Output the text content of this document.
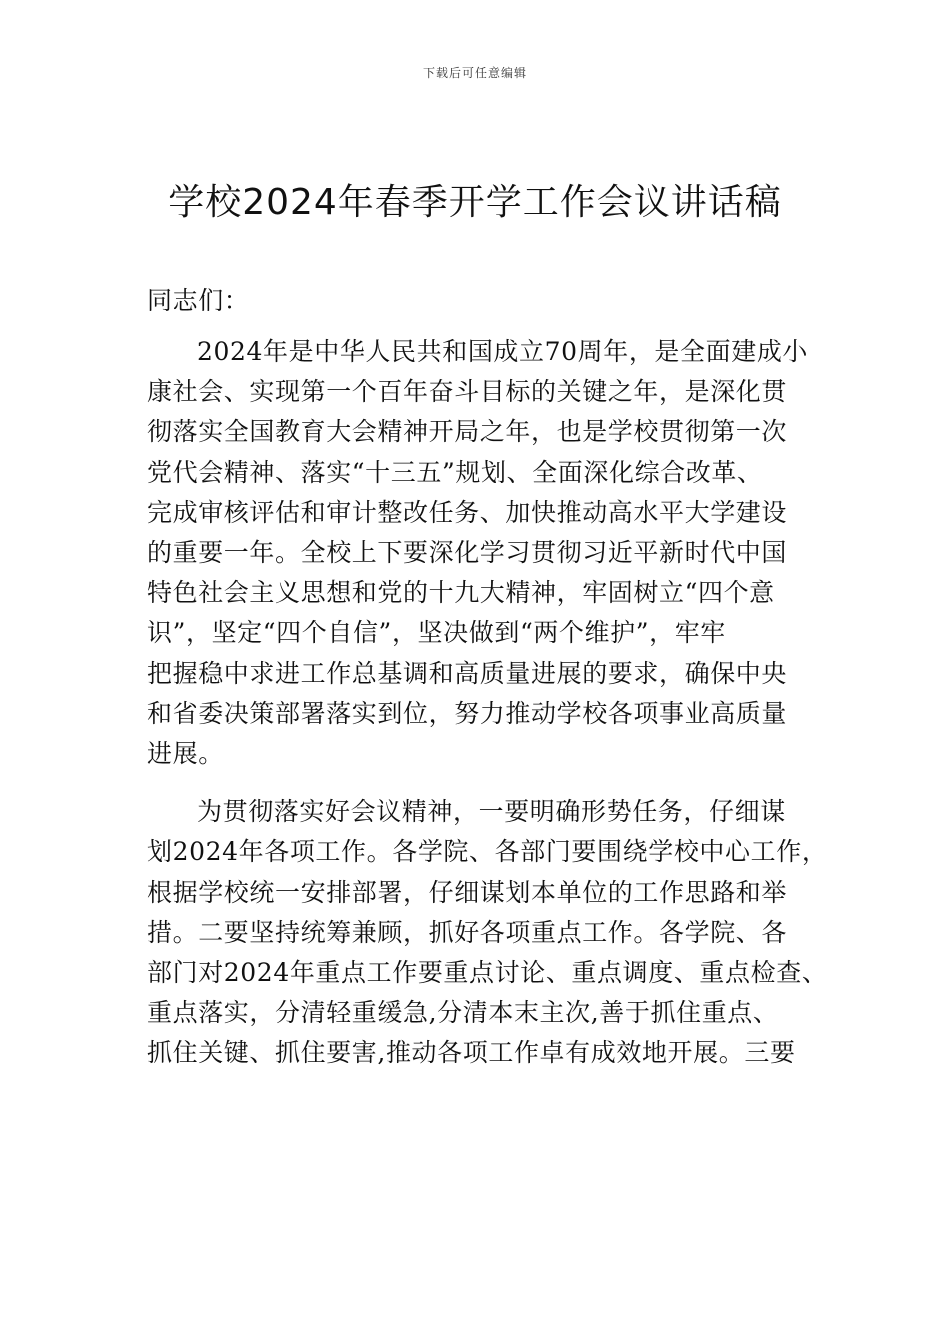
下载后可任意编辑
学校2024年春季开学工作会议讲话稿

同志们：

2024年是中华人民共和国成立70周年，是全面建成小
康社会、实现第一个百年奋斗目标的关键之年，是深化贯
彻落实全国教育大会精神开局之年，也是学校贯彻第一次
党代会精神、落实“十三五”规划、全面深化综合改革、
完成审核评估和审计整改任务、加快推动高水平大学建设
的重要一年。全校上下要深化学习贯彻习近平新时代中国
特色社会主义思想和党的十九大精神，牢固树立“四个意
识”，坚定“四个自信”，坚决做到“两个维护”，牢牢
把握稳中求进工作总基调和高质量进展的要求，确保中央
和省委决策部署落实到位，努力推动学校各项事业高质量
进展。

为贯彻落实好会议精神，一要明确形势任务，仔细谋
划2024年各项工作。各学院、各部门要围绕学校中心工作，
根据学校统一安排部署，仔细谋划本单位的工作思路和举
措。二要坚持统筹兼顾，抓好各项重点工作。各学院、各
部门对2024年重点工作要重点讨论、重点调度、重点检查、
重点落实，分清轻重缓急,分清本末主次,善于抓住重点、
抓住关键、抓住要害,推动各项工作卓有成效地开展。三要
